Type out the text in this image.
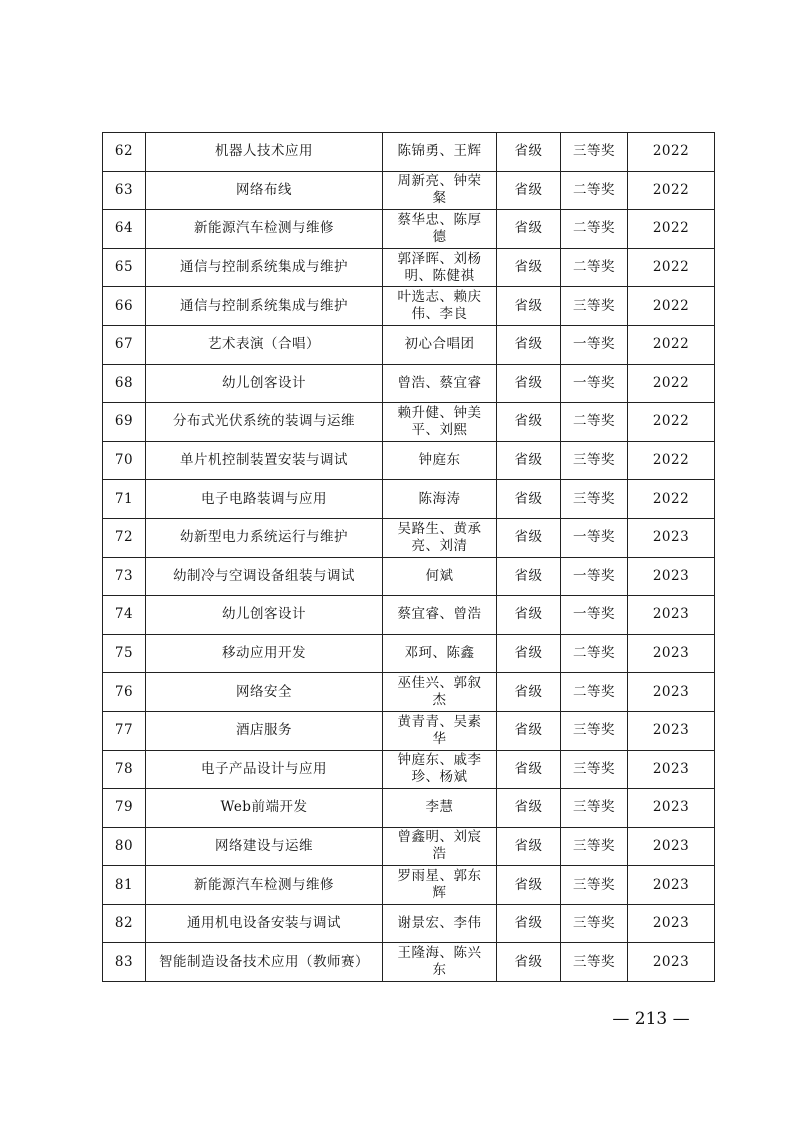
62	机器人技术应用	陈锦勇、王辉	省级	三等奖	2022
63	网络布线	周新亮、钟荣粲	省级	二等奖	2022
64	新能源汽车检测与维修	蔡华忠、陈厚德	省级	二等奖	2022
65	通信与控制系统集成与维护	郭泽晖、刘杨明、陈健祺	省级	二等奖	2022
66	通信与控制系统集成与维护	叶选志、赖庆伟、李良	省级	三等奖	2022
67	艺术表演（合唱）	初心合唱团	省级	一等奖	2022
68	幼儿创客设计	曾浩、蔡宜睿	省级	一等奖	2022
69	分布式光伏系统的装调与运维	赖升健、钟美平、刘熙	省级	二等奖	2022
70	单片机控制装置安装与调试	钟庭东	省级	三等奖	2022
71	电子电路装调与应用	陈海涛	省级	三等奖	2022
72	幼新型电力系统运行与维护	吴路生、黄承亮、刘清	省级	一等奖	2023
73	幼制冷与空调设备组装与调试	何斌	省级	一等奖	2023
74	幼儿创客设计	蔡宜睿、曾浩	省级	一等奖	2023
75	移动应用开发	邓珂、陈鑫	省级	二等奖	2023
76	网络安全	巫佳兴、郭叙杰	省级	二等奖	2023
77	酒店服务	黄青青、吴素华	省级	三等奖	2023
78	电子产品设计与应用	钟庭东、戚李珍、杨斌	省级	三等奖	2023
79	Web前端开发	李慧	省级	三等奖	2023
80	网络建设与运维	曾鑫明、刘宸浩	省级	三等奖	2023
81	新能源汽车检测与维修	罗雨星、郭东辉	省级	三等奖	2023
82	通用机电设备安装与调试	谢景宏、李伟	省级	三等奖	2023
83	智能制造设备技术应用（教师赛）	王隆海、陈兴东	省级	三等奖	2023
— 213 —
